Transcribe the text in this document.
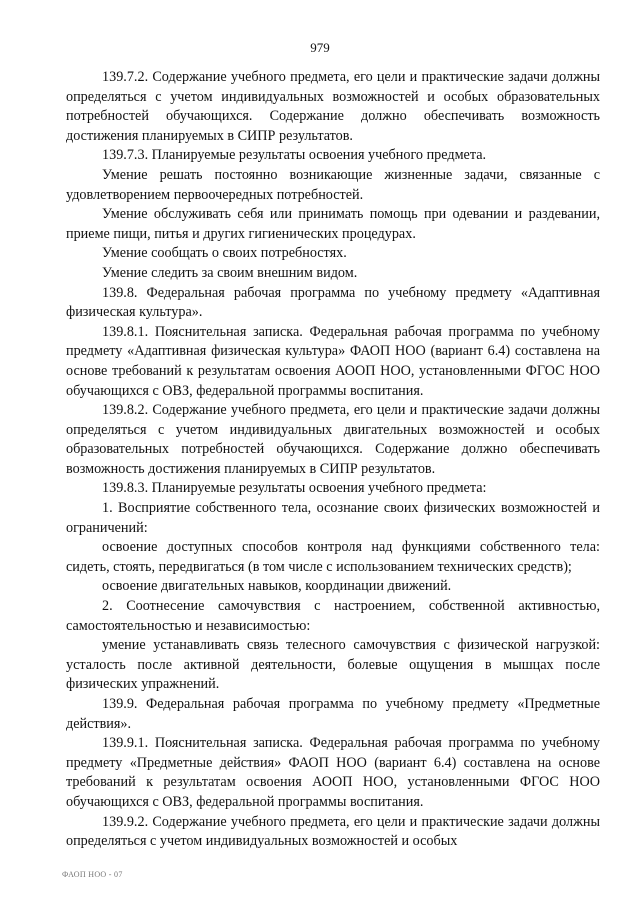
979

139.7.2. Содержание учебного предмета, его цели и практические задачи должны определяться с учетом индивидуальных возможностей и особых образовательных потребностей обучающихся. Содержание должно обеспечивать возможность достижения планируемых в СИПР результатов.

139.7.3. Планируемые результаты освоения учебного предмета.

Умение решать постоянно возникающие жизненные задачи, связанные с удовлетворением первоочередных потребностей.

Умение обслуживать себя или принимать помощь при одевании и раздевании, приеме пищи, питья и других гигиенических процедурах.

Умение сообщать о своих потребностях.

Умение следить за своим внешним видом.

139.8. Федеральная рабочая программа по учебному предмету «Адаптивная физическая культура».

139.8.1. Пояснительная записка. Федеральная рабочая программа по учебному предмету «Адаптивная физическая культура» ФАОП НОО (вариант 6.4) составлена на основе требований к результатам освоения АООП НОО, установленными ФГОС НОО обучающихся с ОВЗ, федеральной программы воспитания.

139.8.2. Содержание учебного предмета, его цели и практические задачи должны определяться с учетом индивидуальных двигательных возможностей и особых образовательных потребностей обучающихся. Содержание должно обеспечивать возможность достижения планируемых в СИПР результатов.

139.8.3. Планируемые результаты освоения учебного предмета:

1. Восприятие собственного тела, осознание своих физических возможностей и ограничений:

освоение доступных способов контроля над функциями собственного тела: сидеть, стоять, передвигаться (в том числе с использованием технических средств);

освоение двигательных навыков, координации движений.

2. Соотнесение самочувствия с настроением, собственной активностью, самостоятельностью и независимостью:

умение устанавливать связь телесного самочувствия с физической нагрузкой: усталость после активной деятельности, болевые ощущения в мышцах после физических упражнений.

139.9. Федеральная рабочая программа по учебному предмету «Предметные действия».

139.9.1. Пояснительная записка. Федеральная рабочая программа по учебному предмету «Предметные действия» ФАОП НОО (вариант 6.4) составлена на основе требований к результатам освоения АООП НОО, установленными ФГОС НОО обучающихся с ОВЗ, федеральной программы воспитания.

139.9.2. Содержание учебного предмета, его цели и практические задачи должны определяться с учетом индивидуальных возможностей и особых

ФАОП НОО - 07
